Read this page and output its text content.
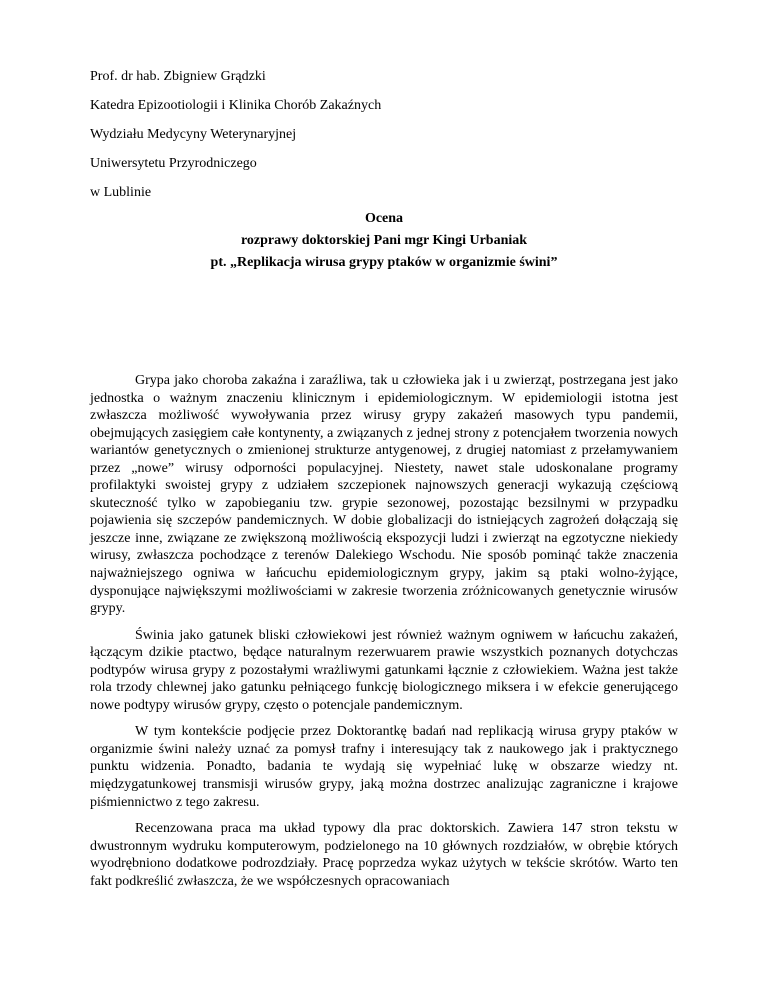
Prof. dr hab. Zbigniew Grądzki
Katedra Epizootiologii i Klinika Chorób Zakaźnych
Wydziału Medycyny Weterynaryjnej
Uniwersytetu Przyrodniczego
w Lublinie
Ocena
rozprawy doktorskiej Pani mgr Kingi Urbaniak
pt. „Replikacja wirusa grypy ptaków w organizmie świni”

Grypa jako choroba zakaźna i zaraźliwa, tak u człowieka jak i u zwierząt, postrzegana jest jako jednostka o ważnym znaczeniu klinicznym i epidemiologicznym. W epidemiologii istotna jest zwłaszcza możliwość wywoływania przez wirusy grypy zakażeń masowych typu pandemii, obejmujących zasięgiem całe kontynenty, a związanych z jednej strony z potencjałem tworzenia nowych wariantów genetycznych o zmienionej strukturze antygenowej, z drugiej natomiast z przełamywaniem przez „nowe” wirusy odporności populacyjnej. Niestety, nawet stale udoskonalane programy profilaktyki swoistej grypy z udziałem szczepionek najnowszych generacji wykazują częściową skuteczność tylko w zapobieganiu tzw. grypie sezonowej, pozostając bezsilnymi w przypadku pojawienia się szczepów pandemicznych. W dobie globalizacji do istniejących zagrożeń dołączają się jeszcze inne, związane ze zwiększoną możliwością ekspozycji ludzi i zwierząt na egzotyczne niekiedy wirusy, zwłaszcza pochodzące z terenów Dalekiego Wschodu. Nie sposób pominąć także znaczenia najważniejszego ogniwa w łańcuchu epidemiologicznym grypy, jakim są ptaki wolno-żyjące, dysponujące największymi możliwościami w zakresie tworzenia zróżnicowanych genetycznie wirusów grypy.

Świnia jako gatunek bliski człowiekowi jest również ważnym ogniwem w łańcuchu zakażeń, łączącym dzikie ptactwo, będące naturalnym rezerwuarem prawie wszystkich poznanych dotychczas podtypów wirusa grypy z pozostałymi wrażliwymi gatunkami łącznie z człowiekiem. Ważna jest także rola trzody chlewnej jako gatunku pełniącego funkcję biologicznego miksera i w efekcie generującego nowe podtypy wirusów grypy, często o potencjale pandemicznym.

W tym kontekście podjęcie przez Doktorantkę badań nad replikacją wirusa grypy ptaków w organizmie świni należy uznać za pomysł trafny i interesujący tak z naukowego jak i praktycznego punktu widzenia. Ponadto, badania te wydają się wypełniać lukę w obszarze wiedzy nt. międzygatunkowej transmisji wirusów grypy, jaką można dostrzec analizując zagraniczne i krajowe piśmiennictwo z tego zakresu.

Recenzowana praca ma układ typowy dla prac doktorskich. Zawiera 147 stron tekstu w dwustronnym wydruku komputerowym, podzielonego na 10 głównych rozdziałów, w obrębie których wyodrębniono dodatkowe podrozdziały. Pracę poprzedza wykaz użytych w tekście skrótów. Warto ten fakt podkreślić zwłaszcza, że we współczesnych opracowaniach
